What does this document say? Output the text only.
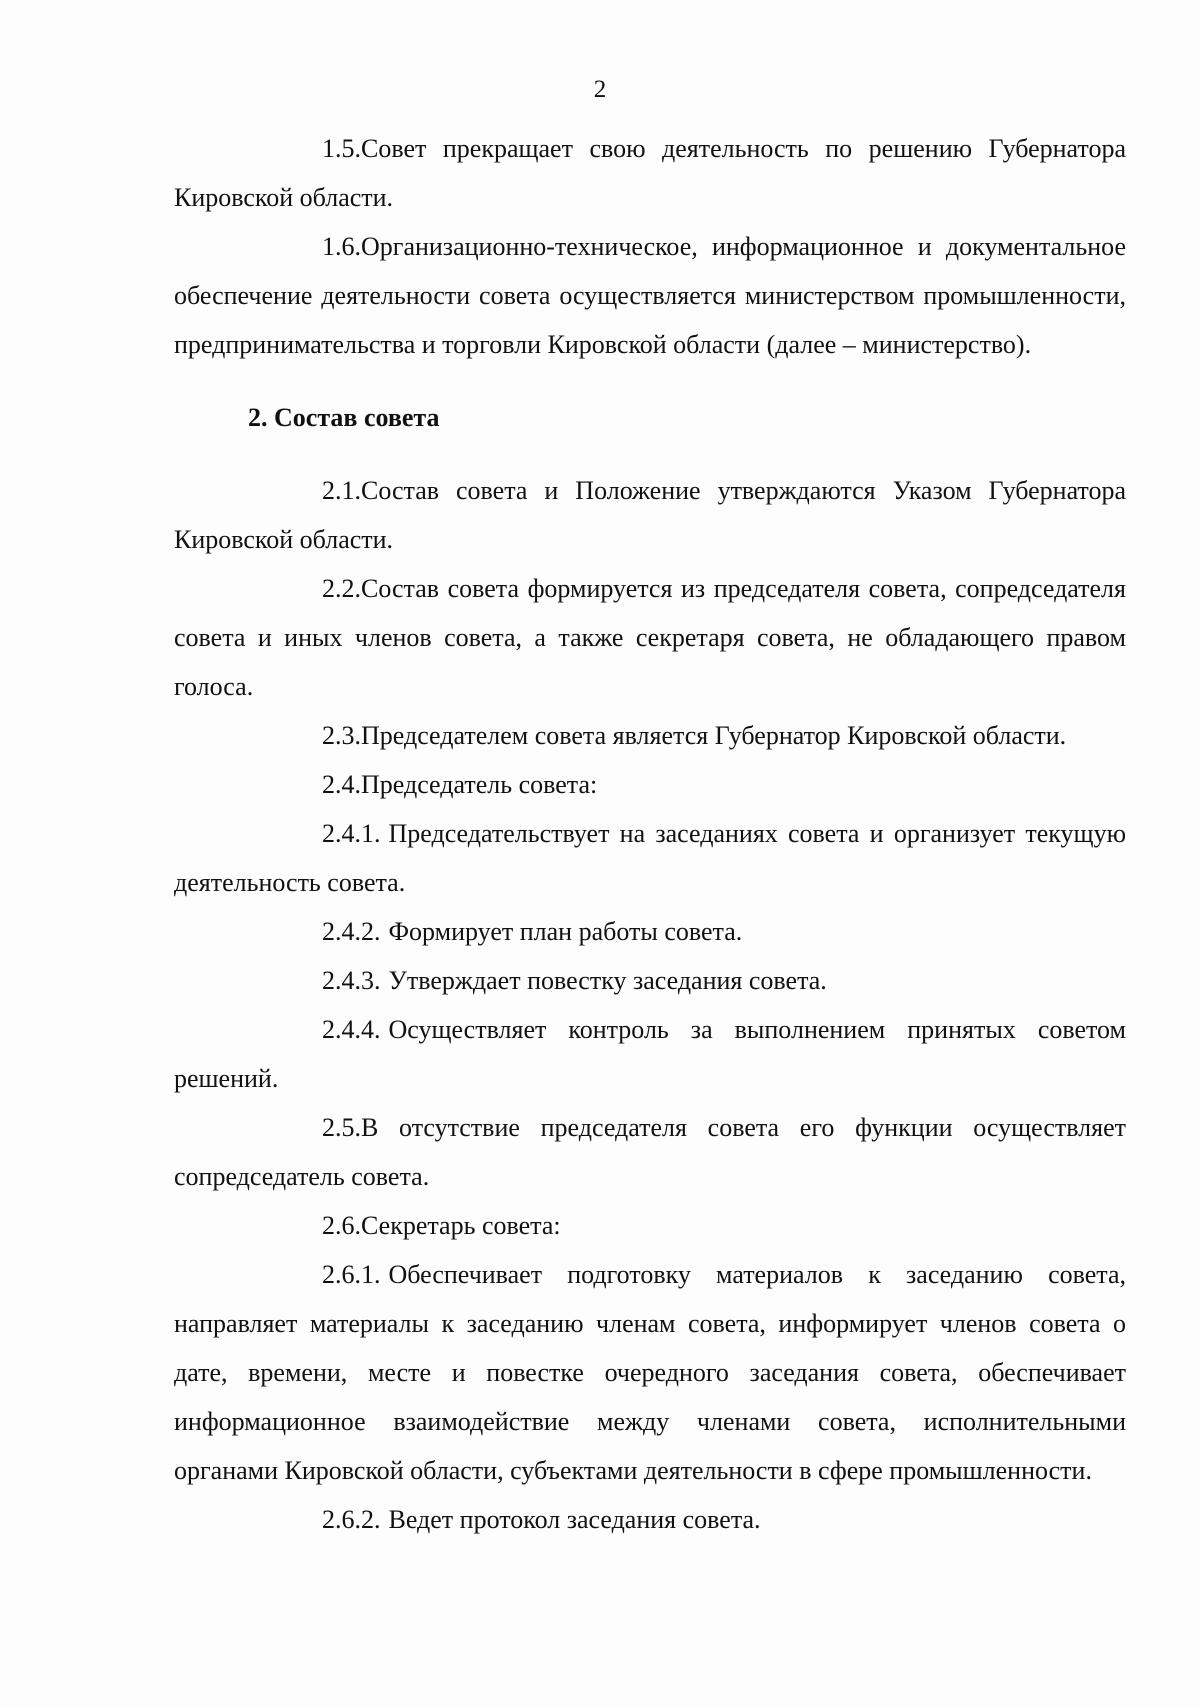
2

1.5.Совет прекращает свою деятельность по решению Губернатора Кировской области.

1.6.Организационно-техническое, информационное и документальное обеспечение деятельности совета осуществляется министерством промышленности, предпринимательства и торговли Кировской области (далее – министерство).

2. Состав совета

2.1.Состав совета и Положение утверждаются Указом Губернатора Кировской области.

2.2.Состав совета формируется из председателя совета, сопредседателя совета и иных членов совета, а также секретаря совета, не обладающего правом голоса.

2.3.Председателем совета является Губернатор Кировской области.

2.4.Председатель совета:

2.4.1. Председательствует на заседаниях совета и организует текущую деятельность совета.

2.4.2. Формирует план работы совета.

2.4.3. Утверждает повестку заседания совета.

2.4.4. Осуществляет контроль за выполнением принятых советом решений.

2.5.В отсутствие председателя совета его функции осуществляет сопредседатель совета.

2.6.Секретарь совета:

2.6.1. Обеспечивает подготовку материалов к заседанию совета, направляет материалы к заседанию членам совета, информирует членов совета о дате, времени, месте и повестке очередного заседания совета, обеспечивает информационное взаимодействие между членами совета, исполнительными органами Кировской области, субъектами деятельности в сфере промышленности.

2.6.2. Ведет протокол заседания совета.
